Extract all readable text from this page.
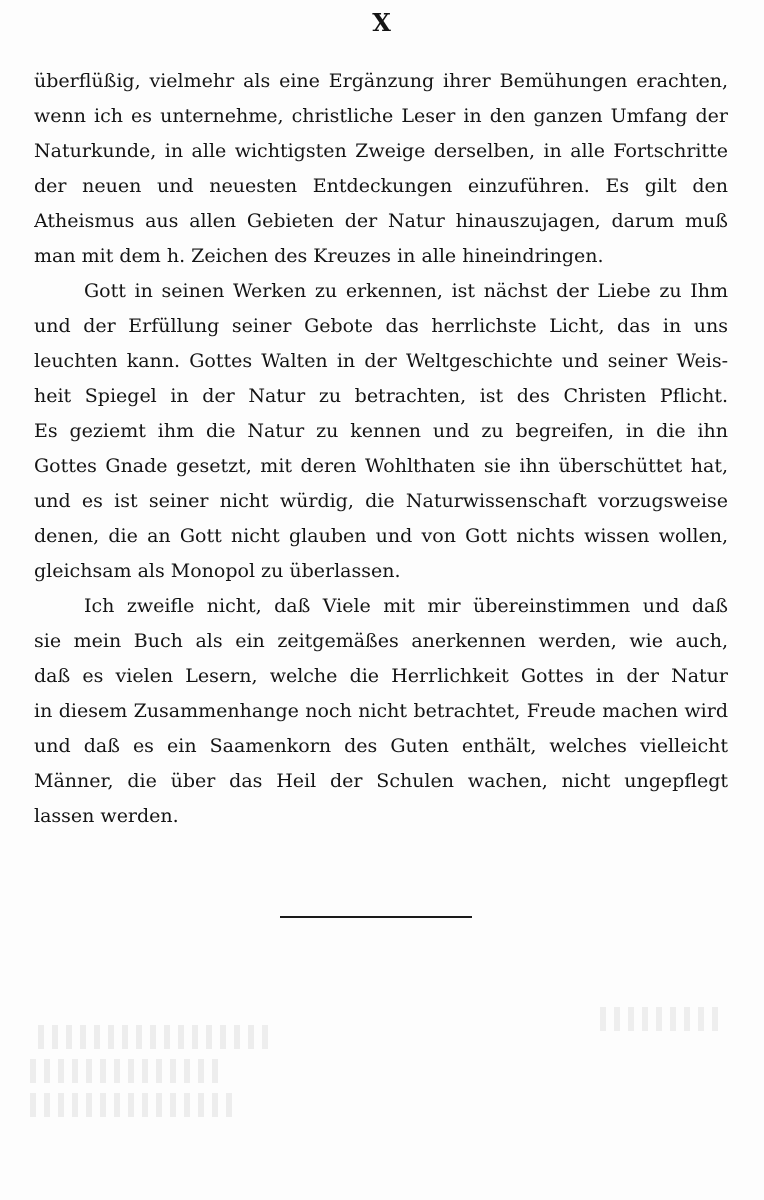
X
überflüßig, vielmehr als eine Ergänzung ihrer Bemühungen erachten,
wenn ich es unternehme, christliche Leser in den ganzen Umfang der
Naturkunde, in alle wichtigsten Zweige derselben, in alle Fortschritte
der neuen und neuesten Entdeckungen einzuführen. Es gilt den
Atheismus aus allen Gebieten der Natur hinauszujagen, darum muß
man mit dem h. Zeichen des Kreuzes in alle hineindringen.
Gott in seinen Werken zu erkennen, ist nächst der Liebe zu Ihm
und der Erfüllung seiner Gebote das herrlichste Licht, das in uns
leuchten kann. Gottes Walten in der Weltgeschichte und seiner Weis-
heit Spiegel in der Natur zu betrachten, ist des Christen Pflicht.
Es geziemt ihm die Natur zu kennen und zu begreifen, in die ihn
Gottes Gnade gesetzt, mit deren Wohlthaten sie ihn überschüttet hat,
und es ist seiner nicht würdig, die Naturwissenschaft vorzugsweise
denen, die an Gott nicht glauben und von Gott nichts wissen wollen,
gleichsam als Monopol zu überlassen.
Ich zweifle nicht, daß Viele mit mir übereinstimmen und daß
sie mein Buch als ein zeitgemäßes anerkennen werden, wie auch,
daß es vielen Lesern, welche die Herrlichkeit Gottes in der Natur
in diesem Zusammenhange noch nicht betrachtet, Freude machen wird
und daß es ein Saamenkorn des Guten enthält, welches vielleicht
Männer, die über das Heil der Schulen wachen, nicht ungepflegt
lassen werden.
